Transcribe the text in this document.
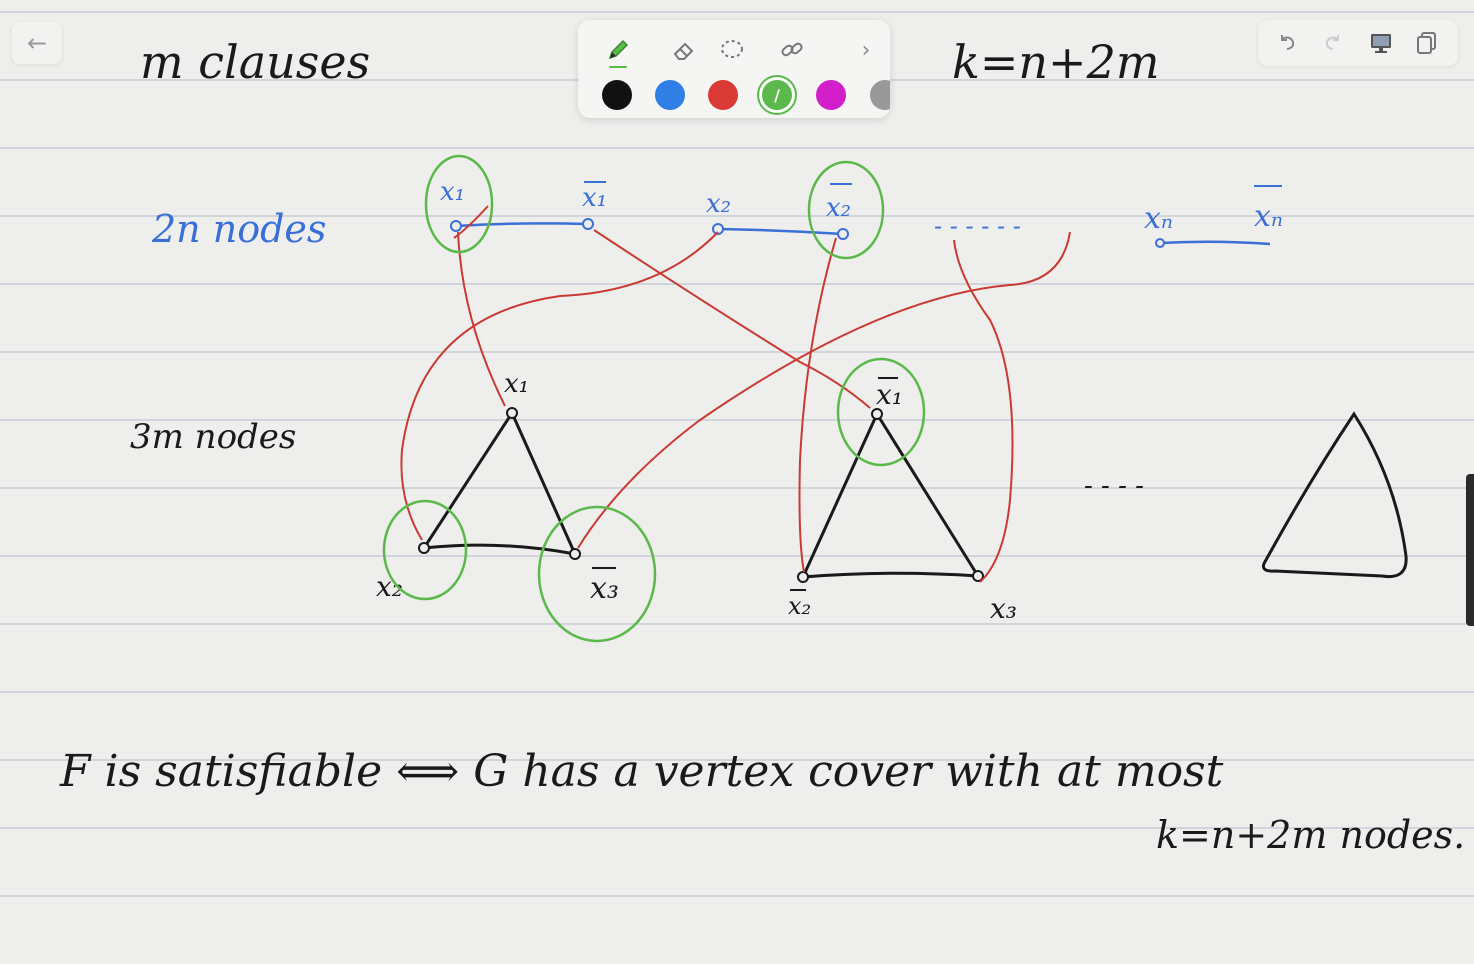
m clauses	k=n+2m
2n nodes
x₁	x₁	x₂	x₂
- - - - - -	xₙ	xₙ
3m nodes
x₁
x₂	x₃
x₁
x₂	x₃
- - - -
F is satisfiable ⟺ G has a vertex cover with at most
k=n+2m nodes.
←	›
∕
